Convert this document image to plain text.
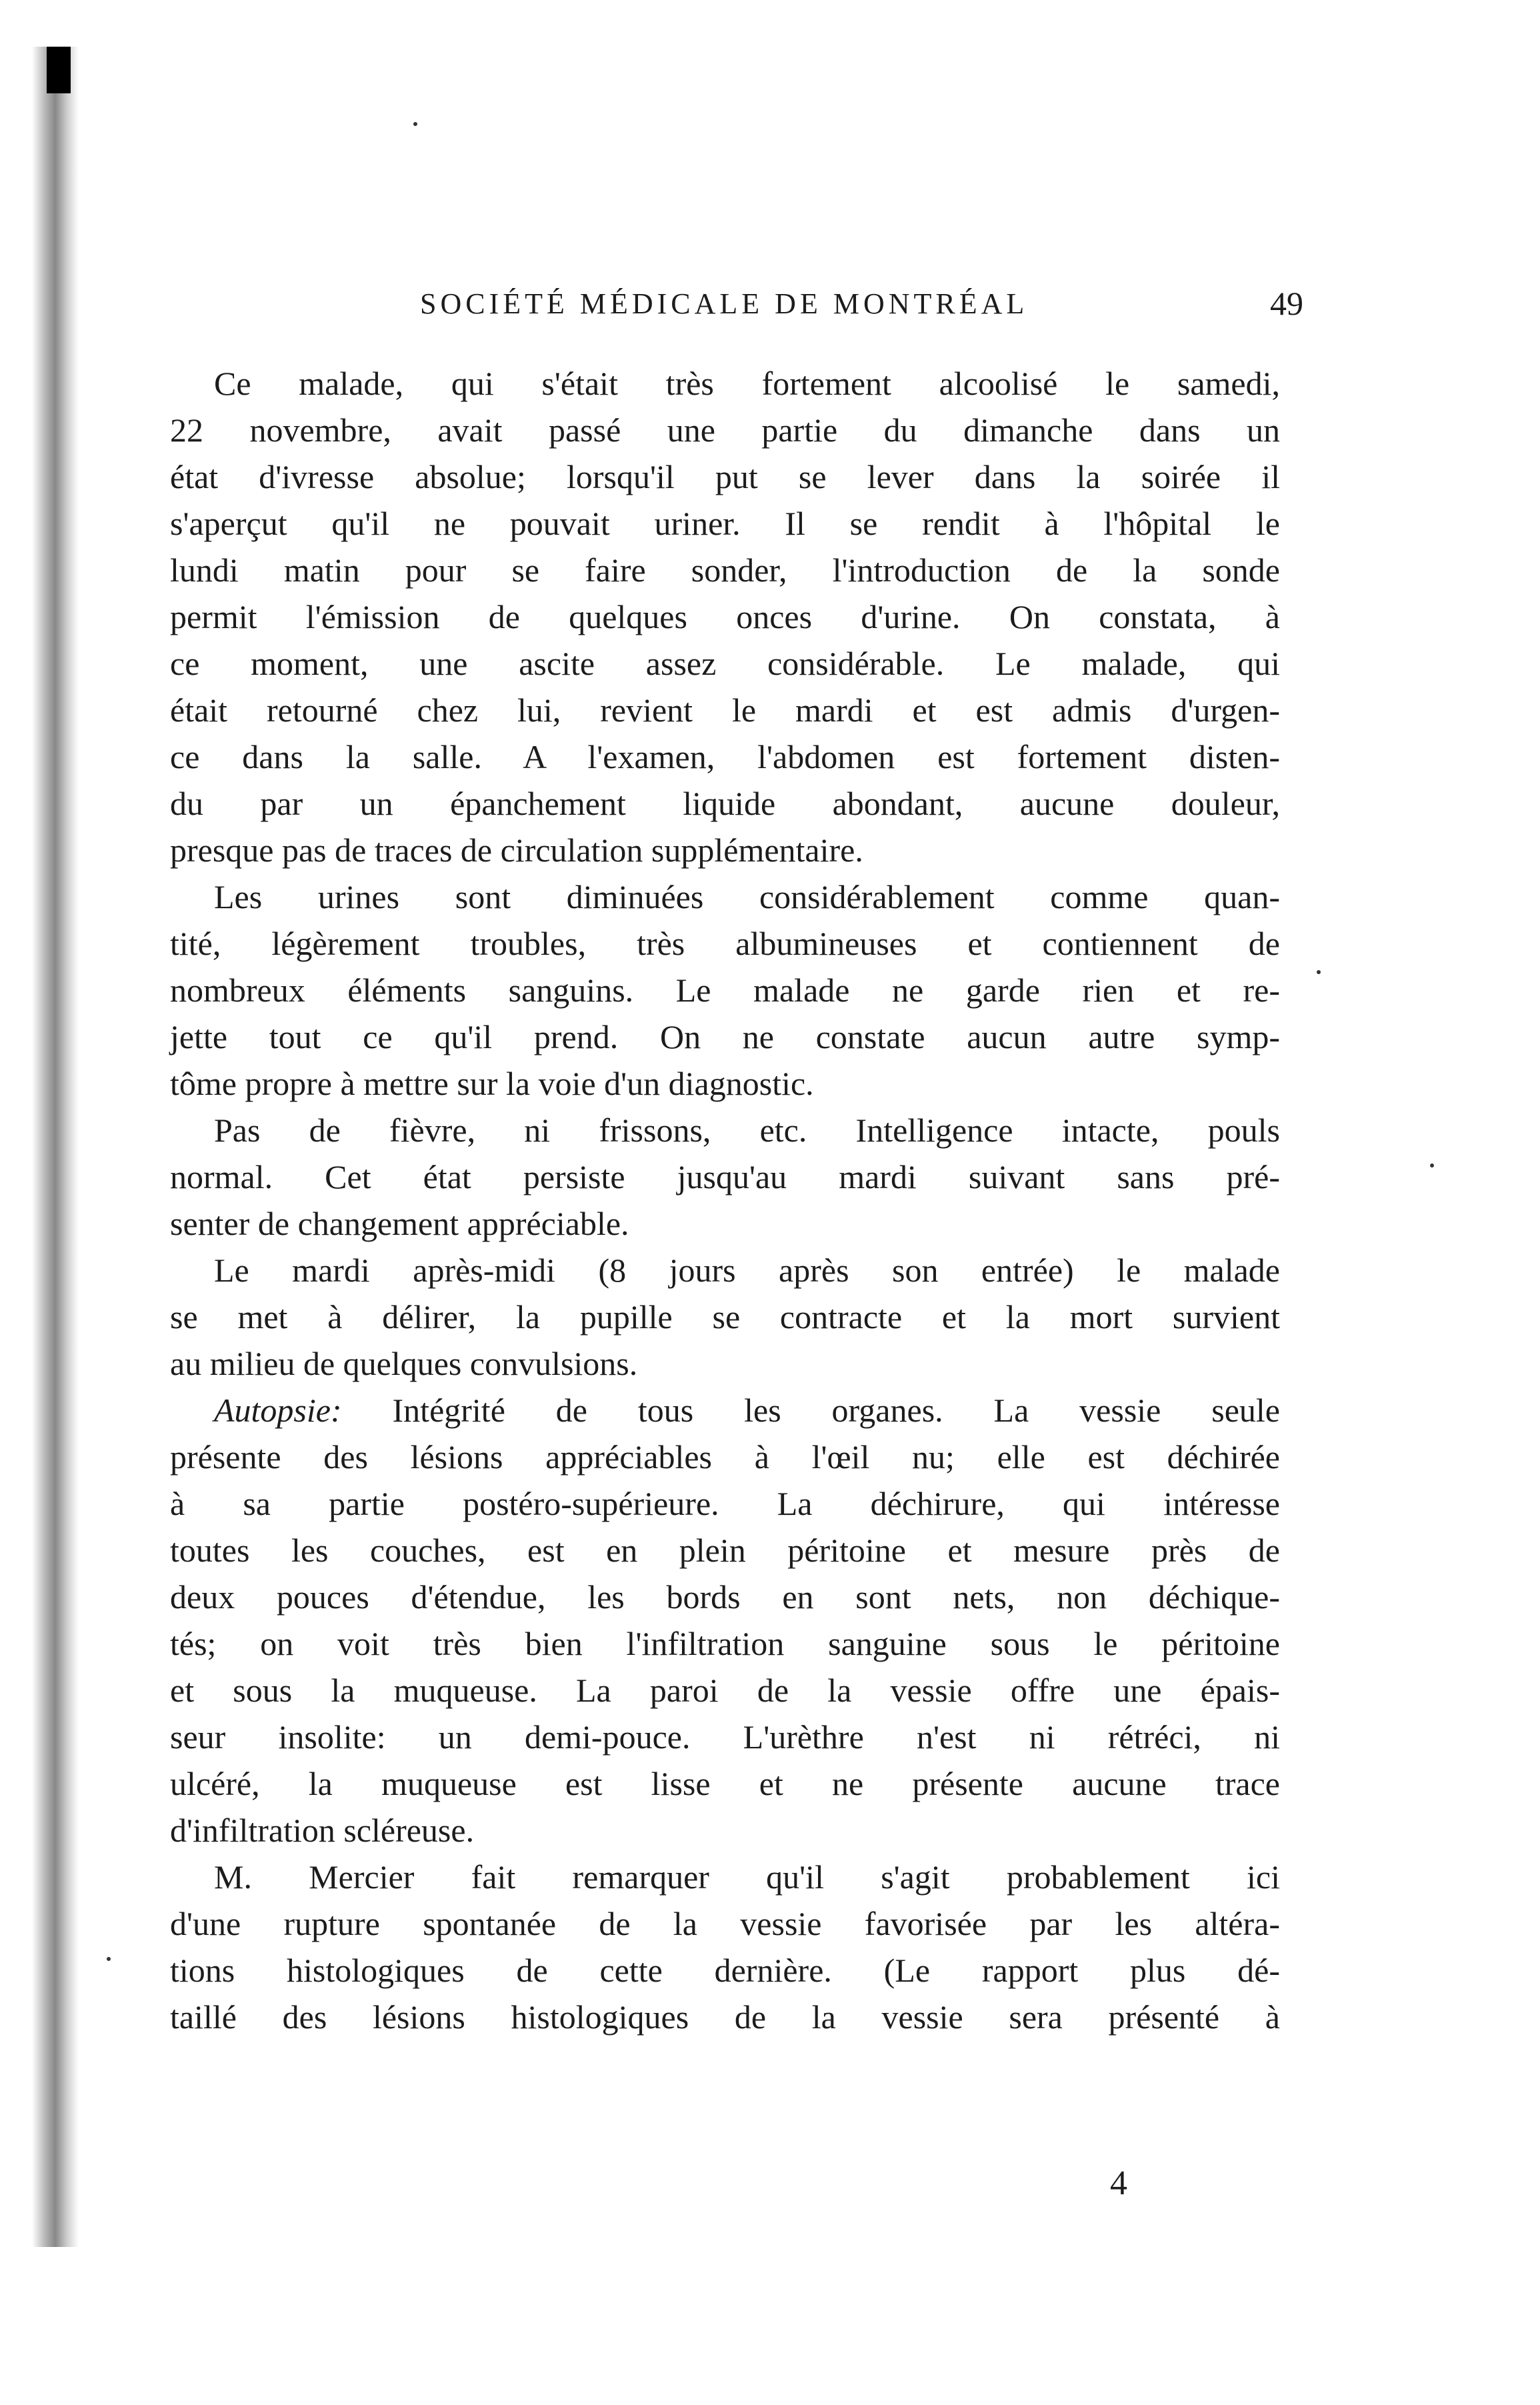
SOCIÉTÉ MÉDICALE DE MONTRÉAL	49
Ce malade, qui s'était très fortement alcoolisé le samedi,
22 novembre, avait passé une partie du dimanche dans un
état d'ivresse absolue; lorsqu'il put se lever dans la soirée il
s'aperçut qu'il ne pouvait uriner. Il se rendit à l'hôpital le
lundi matin pour se faire sonder, l'introduction de la sonde
permit l'émission de quelques onces d'urine. On constata, à
ce moment, une ascite assez considérable. Le malade, qui
était retourné chez lui, revient le mardi et est admis d'urgen-
ce dans la salle. A l'examen, l'abdomen est fortement disten-
du par un épanchement liquide abondant, aucune douleur,
presque pas de traces de circulation supplémentaire.
Les urines sont diminuées considérablement comme quan-
tité, légèrement troubles, très albumineuses et contiennent de
nombreux éléments sanguins. Le malade ne garde rien et re-
jette tout ce qu'il prend. On ne constate aucun autre symp-
tôme propre à mettre sur la voie d'un diagnostic.
Pas de fièvre, ni frissons, etc. Intelligence intacte, pouls
normal. Cet état persiste jusqu'au mardi suivant sans pré-
senter de changement appréciable.
Le mardi après-midi (8 jours après son entrée) le malade
se met à délirer, la pupille se contracte et la mort survient
au milieu de quelques convulsions.
Autopsie: Intégrité de tous les organes. La vessie seule
présente des lésions appréciables à l'œil nu; elle est déchirée
à sa partie postéro-supérieure. La déchirure, qui intéresse
toutes les couches, est en plein péritoine et mesure près de
deux pouces d'étendue, les bords en sont nets, non déchique-
tés; on voit très bien l'infiltration sanguine sous le péritoine
et sous la muqueuse. La paroi de la vessie offre une épais-
seur insolite: un demi-pouce. L'urèthre n'est ni rétréci, ni
ulcéré, la muqueuse est lisse et ne présente aucune trace
d'infiltration scléreuse.
M. Mercier fait remarquer qu'il s'agit probablement ici
d'une rupture spontanée de la vessie favorisée par les altéra-
tions histologiques de cette dernière. (Le rapport plus dé-
taillé des lésions histologiques de la vessie sera présenté à
4
